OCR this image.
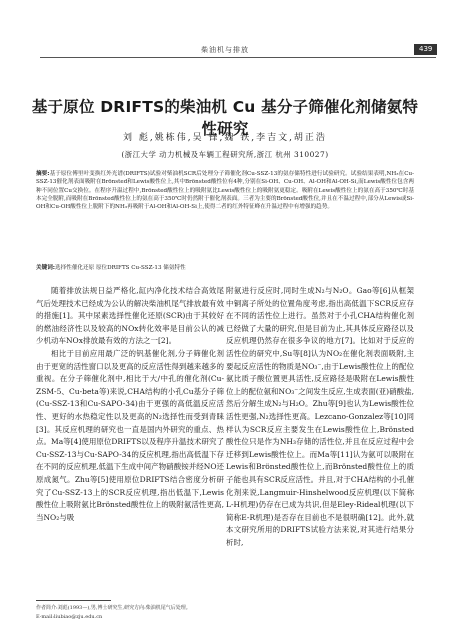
柴油机与排放	439
基于原位 DRIFTS的柴油机 Cu 基分子筛催化剂储氨特性研究
刘 彪,姚栋伟,吴 锋,魏 铁,李吉文,胡正浩
(浙江大学 动力机械及车辆工程研究所,浙江 杭州 310027)
摘要:基于原位傅里叶变换红外光谱(DRIFTS)试验对柴油机SCR后处理分子筛催化剂Cu-SSZ-13的氨存储特性进行试验研究。试验结果表明,NH₃在Cu-SSZ-13催化剂表面吸附在Brönsted和Lewis酸性位上,其中Brönsted酸性位有4种,分别在Si-OH、Cu-OH、Al-OH和Al-OH-Si,而Lewis酸性位包含两种不同位置Cu交换位。在程序升温过程中,Brönsted酸性位上的吸附氨比Lewis酸性位上的吸附氨更稳定。吸附在Lewis酸性位上的氨在高于350℃时基本完全脱附,而吸附在Brönsted酸性位上的氨在高于350℃时仍然附于催化剂表面。三者为主要的Brönsted酸性位,并且在不温过程中,部分从Lewis或Si-OH和Cu-OH酸性位上脱附下的NH₃再吸附于Al-OH和Al-OH-Si上,使得二者的红外特征峰在升温过程中有增强的趋势。
关键词:选择性催化还原 原位DRIFTS Cu-SSZ-13 储氨特性

随着排放法规日益严格化,缸内净化技术结合高效尾气后处理技术已经成为公认的解决柴油机尾气排放最有效的措施[1]。其中尿素选择性催化还原(SCR)由于其较好的燃油经济性以及较高的NOx转化效率是目前公认的减少机动车NOx排放最有效的方法之一[2]。

相比于目前应用最广泛的钒基催化剂,分子筛催化剂由于更宽的活性窗口以及更高的反应活性得到越来越多的重视。在分子筛催化剂中,相比于大/中孔的催化剂(Cu-ZSM-5、Cu-beta等)来说,CHA结构的小孔Cu基分子筛(Cu-SSZ-13和Cu-SAPO-34)由于更强的高低温反应活性、更好的水热稳定性以及更高的N₂选择性而受到青睐[3]。其反应机理的研究也一直是国内外研究的重点、热点。Ma等[4]使用原位DRIFTS以及程序升温技术研究了Cu-SSZ-13与Cu-SAPO-34的反应机理,指出高低温下存在不同的反应机理,低温下生成中间产物硝酸铵并经NO还原成氮气。Zhu等[5]使用原位DRIFTS结合密度分析研究了Cu-SSZ-13上的SCR反应机理,指出低温下,Lewis酸性位上吸附氨比Brönsted酸性位上的吸附氨活性更高,当NO₂与吸

附氨进行反应时,同时生成N₂与N₂O。Gao等[6]从框架中铜离子所处的位置角度考虑,指出高低温下SCR反应存在不同的活性位上进行。虽然对于小孔CHA结构催化剂已经做了大量的研究,但是目前为止,其具体反应路径以及反应机理仍然存在很多争议的地方[7]。比如对于反应的活性位的研究中,Su等[8]认为NO₂在催化剂表面吸附,主要起反应活性的物质是NO₃⁻,由于Lewis酸性位上的配位氨比质子酸位置更具活性,反应路径是吸附在Lewis酸性位上的配位氨和NO₃⁻之间发生反应,生成表面(亚)硝酸盐,然后分解生成N₂与H₂O。Zhu等[9]也认为Lewis酸性位活性更强,N₂选择性更高。Lezcano-Gonzalez等[10]同样认为SCR反应主要发生在Lewis酸性位上,Brönsted酸性位只是作为NH₃存储的活性位,并且在反应过程中会迁移到Lewis酸性位上。而Ma等[11]认为氨可以吸附在Lewis和Brönsted酸性位上,而Brönsted酸性位上的质子能也具有SCR反应活性。并且,对于CHA结构的小孔催化剂来说,Langmuir-Hinshelwood反应机理(以下简称L-H机理)仍存在已成为共识,但是Eley-Rideal机理(以下简称E-R机理)是否存在目前也不是很明确[12]。此外,就本文研究所用的DRIFTS试验方法来说,对其进行结果分析时,

作者简介:刘彪(1993—),男,博士研究生,研究方向:柴油机尾气后处理。
E-mail:liubiao@zju.edu.cn
